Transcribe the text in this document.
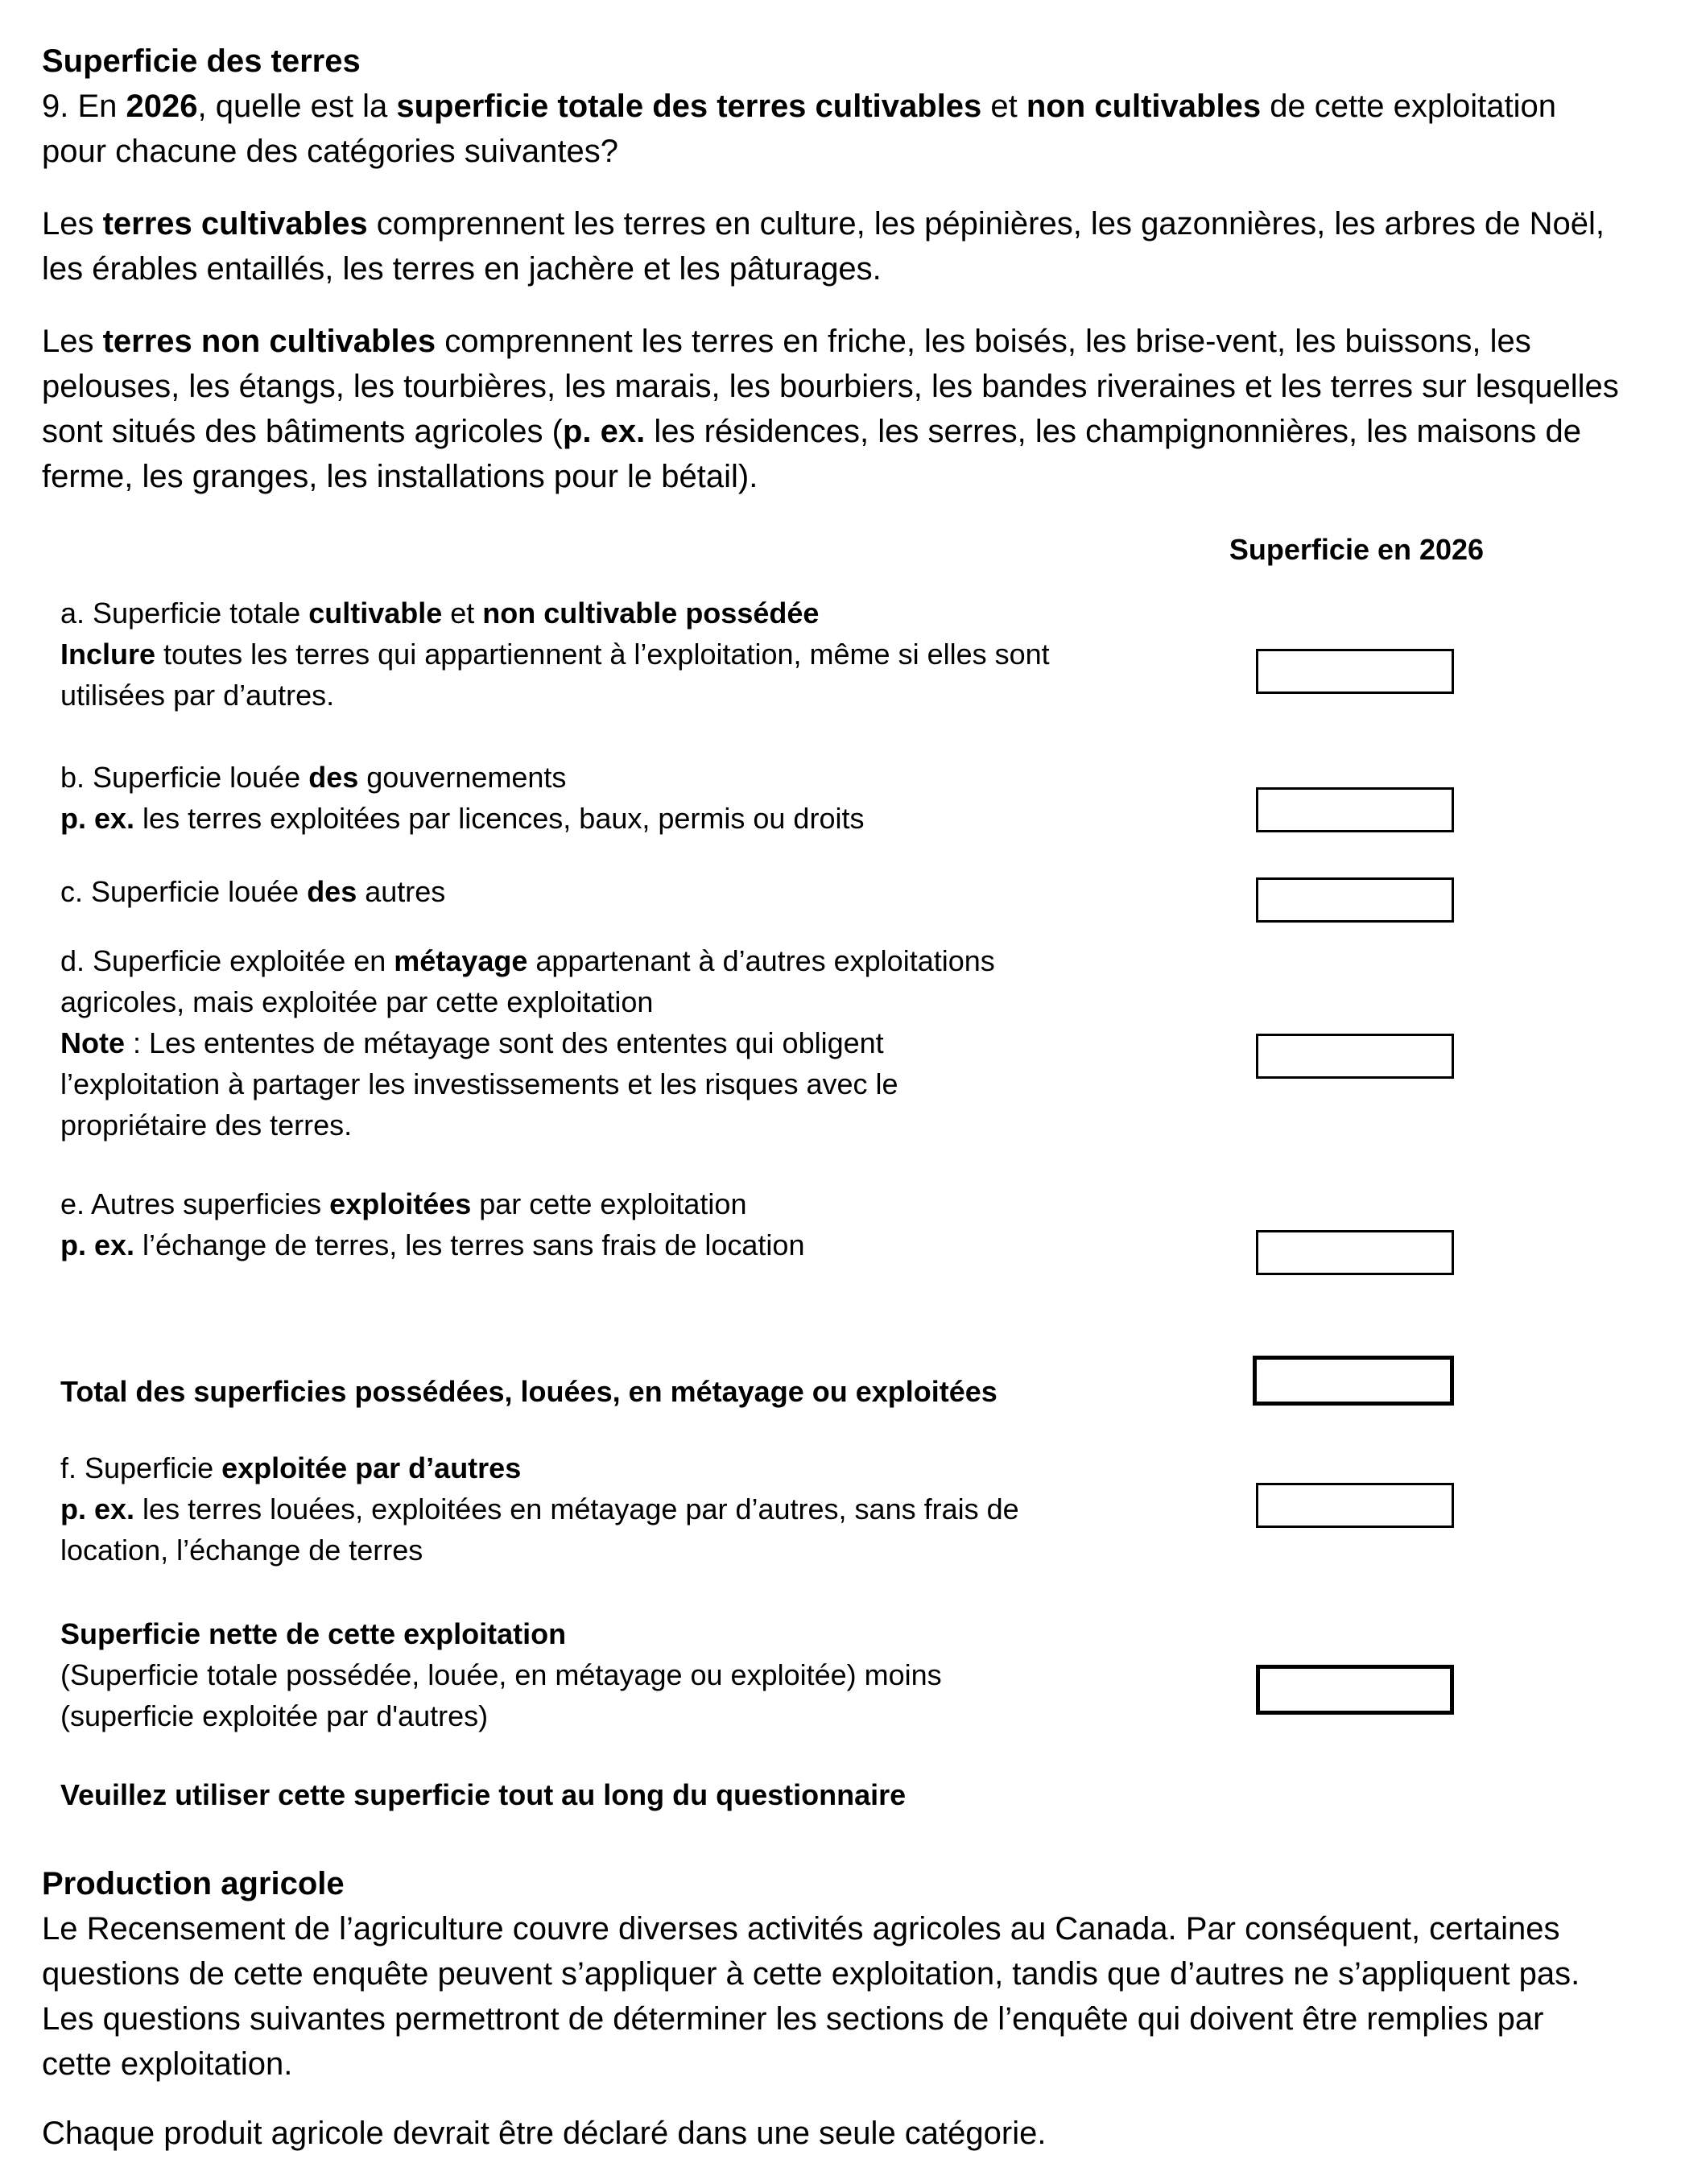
Superficie des terres
9. En 2026, quelle est la superficie totale des terres cultivables et non cultivables de cette exploitation pour chacune des catégories suivantes?
Les terres cultivables comprennent les terres en culture, les pépinières, les gazonnières, les arbres de Noël, les érables entaillés, les terres en jachère et les pâturages.
Les terres non cultivables comprennent les terres en friche, les boisés, les brise-vent, les buissons, les pelouses, les étangs, les tourbières, les marais, les bourbiers, les bandes riveraines et les terres sur lesquelles sont situés des bâtiments agricoles (p. ex. les résidences, les serres, les champignonnières, les maisons de ferme, les granges, les installations pour le bétail).
Superficie en 2026
a. Superficie totale cultivable et non cultivable possédée
Inclure toutes les terres qui appartiennent à l’exploitation, même si elles sont utilisées par d’autres.
b. Superficie louée des gouvernements
p. ex. les terres exploitées par licences, baux, permis ou droits
c. Superficie louée des autres
d. Superficie exploitée en métayage appartenant à d’autres exploitations agricoles, mais exploitée par cette exploitation
Note : Les ententes de métayage sont des ententes qui obligent l’exploitation à partager les investissements et les risques avec le propriétaire des terres.
e. Autres superficies exploitées par cette exploitation
p. ex. l’échange de terres, les terres sans frais de location
Total des superficies possédées, louées, en métayage ou exploitées
f. Superficie exploitée par d’autres
p. ex. les terres louées, exploitées en métayage par d’autres, sans frais de location, l’échange de terres
Superficie nette de cette exploitation
(Superficie totale possédée, louée, en métayage ou exploitée) moins (superficie exploitée par d'autres)
Veuillez utiliser cette superficie tout au long du questionnaire
Production agricole
Le Recensement de l’agriculture couvre diverses activités agricoles au Canada. Par conséquent, certaines questions de cette enquête peuvent s’appliquer à cette exploitation, tandis que d’autres ne s’appliquent pas. Les questions suivantes permettront de déterminer les sections de l’enquête qui doivent être remplies par cette exploitation.
Chaque produit agricole devrait être déclaré dans une seule catégorie.
